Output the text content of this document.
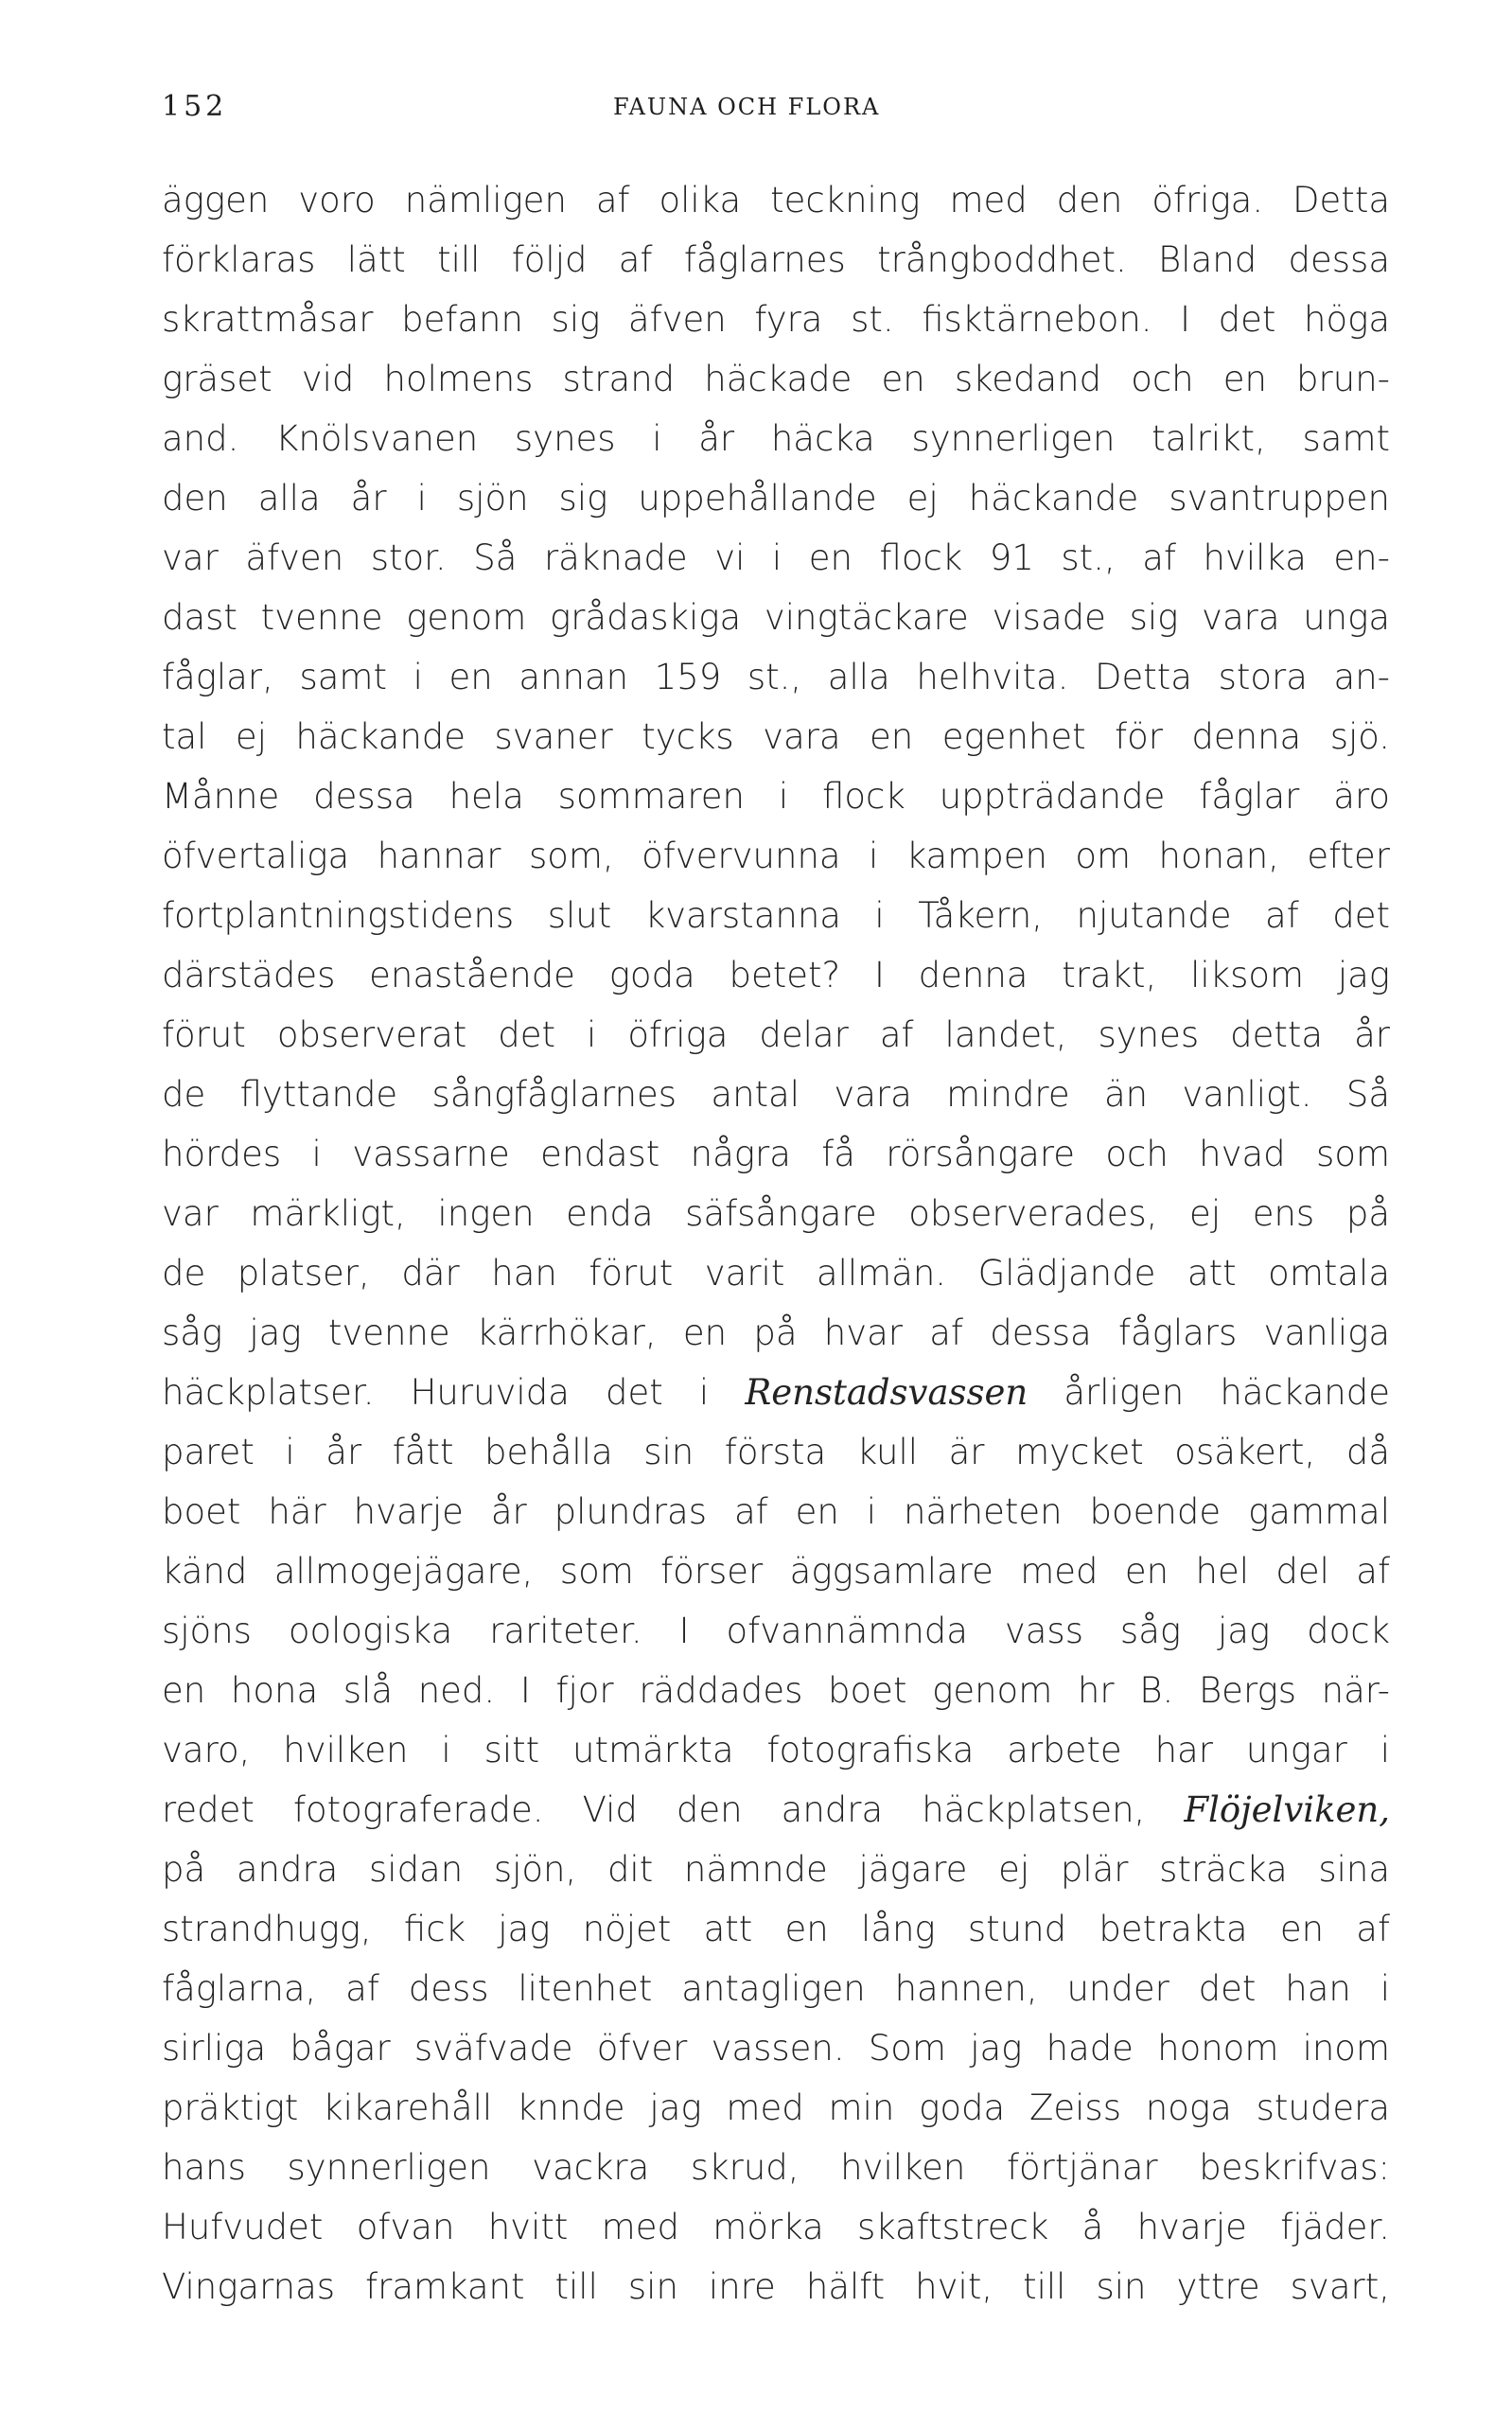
152	FAUNA OCH FLORA
äggen voro nämligen af olika teckning med den öfriga. Detta
förklaras lätt till följd af fåglarnes trångboddhet. Bland dessa
skrattmåsar befann sig äfven fyra st. fisktärnebon. I det höga
gräset vid holmens strand häckade en skedand och en brun-
and. Knölsvanen synes i år häcka synnerligen talrikt, samt
den alla år i sjön sig uppehållande ej häckande svantruppen
var äfven stor. Så räknade vi i en flock 91 st., af hvilka en-
dast tvenne genom grådaskiga vingtäckare visade sig vara unga
fåglar, samt i en annan 159 st., alla helhvita. Detta stora an-
tal ej häckande svaner tycks vara en egenhet för denna sjö.
Månne dessa hela sommaren i flock uppträdande fåglar äro
öfvertaliga hannar som, öfvervunna i kampen om honan, efter
fortplantningstidens slut kvarstanna i Tåkern, njutande af det
därstädes enastående goda betet? I denna trakt, liksom jag
förut observerat det i öfriga delar af landet, synes detta år
de flyttande sångfåglarnes antal vara mindre än vanligt. Så
hördes i vassarne endast några få rörsångare och hvad som
var märkligt, ingen enda säfsångare observerades, ej ens på
de platser, där han förut varit allmän. Glädjande att omtala
såg jag tvenne kärrhökar, en på hvar af dessa fåglars vanliga
häckplatser. Huruvida det i Renstadsvassen årligen häckande
paret i år fått behålla sin första kull är mycket osäkert, då
boet här hvarje år plundras af en i närheten boende gammal
känd allmogejägare, som förser äggsamlare med en hel del af
sjöns oologiska rariteter. I ofvannämnda vass såg jag dock
en hona slå ned. I fjor räddades boet genom hr B. Bergs när-
varo, hvilken i sitt utmärkta fotografiska arbete har ungar i
redet fotograferade. Vid den andra häckplatsen, Flöjelviken,
på andra sidan sjön, dit nämnde jägare ej plär sträcka sina
strandhugg, fick jag nöjet att en lång stund betrakta en af
fåglarna, af dess litenhet antagligen hannen, under det han i
sirliga bågar sväfvade öfver vassen. Som jag hade honom inom
präktigt kikarehåll knnde jag med min goda Zeiss noga studera
hans synnerligen vackra skrud, hvilken förtjänar beskrifvas:
Hufvudet ofvan hvitt med mörka skaftstreck å hvarje fjäder.
Vingarnas framkant till sin inre hälft hvit, till sin yttre svart,
